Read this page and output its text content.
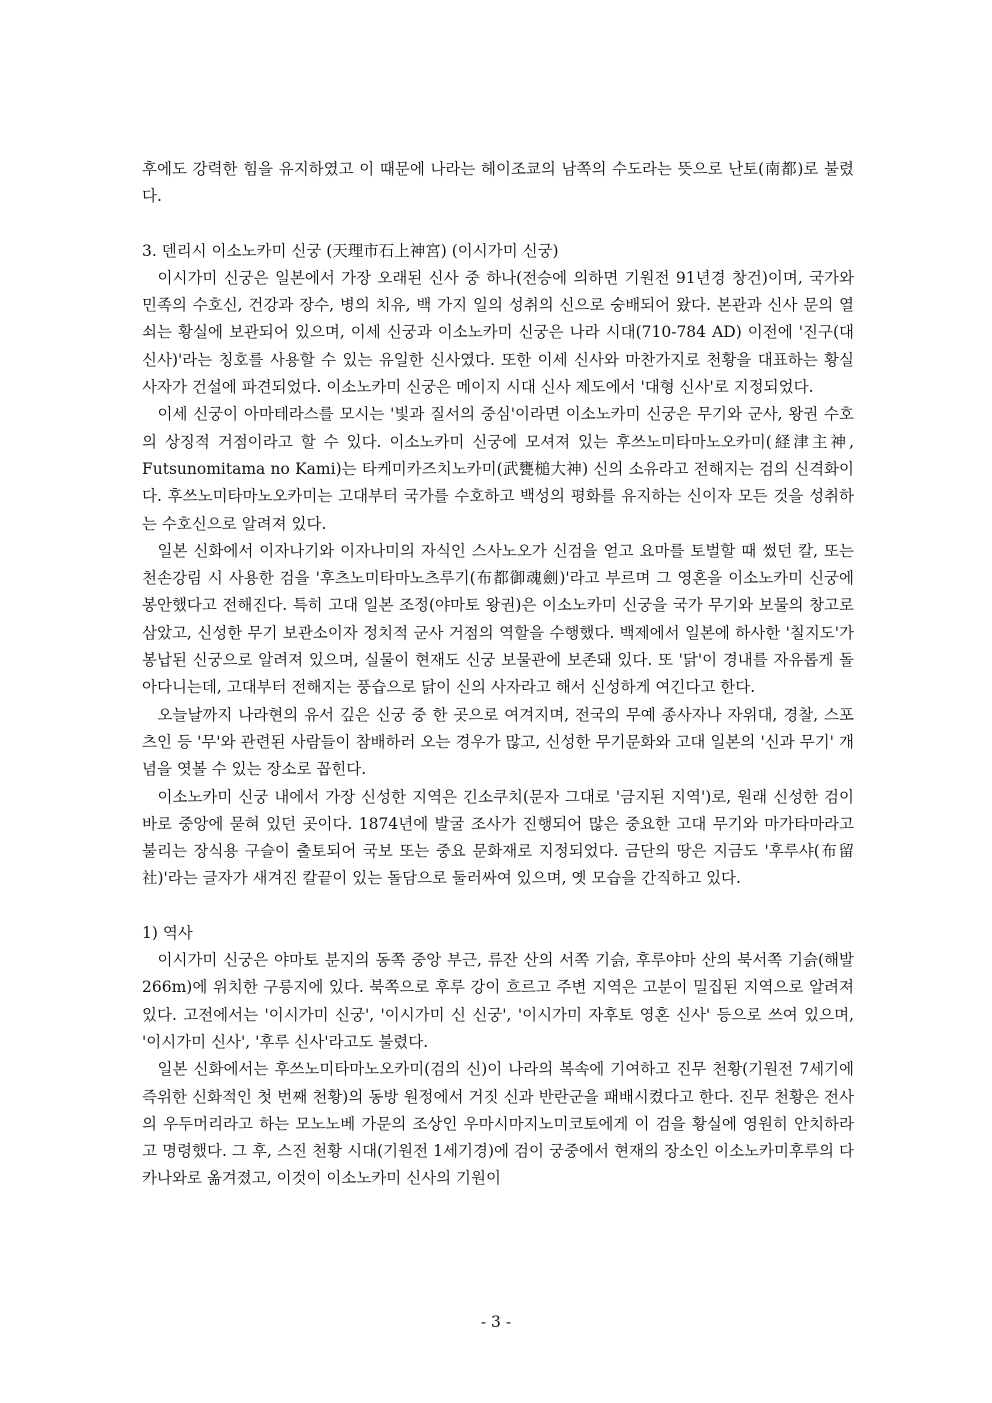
후에도 강력한 힘을 유지하였고 이 때문에 나라는 헤이조쿄의 남쪽의 수도라는 뜻으로 난토(南都)로 불렸다.

3. 덴리시 이소노카미 신궁 (天理市石上神宮) (이시가미 신궁)

이시가미 신궁은 일본에서 가장 오래된 신사 중 하나(전승에 의하면 기원전 91년경 창건)이며, 국가와 민족의 수호신, 건강과 장수, 병의 치유, 백 가지 일의 성취의 신으로 숭배되어 왔다. 본관과 신사 문의 열쇠는 황실에 보관되어 있으며, 이세 신궁과 이소노카미 신궁은 나라 시대(710-784 AD) 이전에 '진구(대신사)'라는 칭호를 사용할 수 있는 유일한 신사였다. 또한 이세 신사와 마찬가지로 천황을 대표하는 황실 사자가 건설에 파견되었다. 이소노카미 신궁은 메이지 시대 신사 제도에서 '대형 신사'로 지정되었다.

이세 신궁이 아마테라스를 모시는 '빛과 질서의 중심'이라면 이소노카미 신궁은 무기와 군사, 왕권 수호의 상징적 거점이라고 할 수 있다. 이소노카미 신궁에 모셔져 있는 후쓰노미타마노오카미(経津主神, Futsunomitama no Kami)는 타케미카즈치노카미(武甕槌大神) 신의 소유라고 전해지는 검의 신격화이다. 후쓰노미타마노오카미는 고대부터 국가를 수호하고 백성의 평화를 유지하는 신이자 모든 것을 성취하는 수호신으로 알려져 있다.

일본 신화에서 이자나기와 이자나미의 자식인 스사노오가 신검을 얻고 요마를 토벌할 때 썼던 칼, 또는 천손강림 시 사용한 검을 '후츠노미타마노츠루기(布都御魂劍)'라고 부르며 그 영혼을 이소노카미 신궁에 봉안했다고 전해진다. 특히 고대 일본 조정(야마토 왕권)은 이소노카미 신궁을 국가 무기와 보물의 창고로 삼았고, 신성한 무기 보관소이자 정치적 군사 거점의 역할을 수행했다. 백제에서 일본에 하사한 '칠지도'가 봉납된 신궁으로 알려져 있으며, 실물이 현재도 신궁 보물관에 보존돼 있다. 또 '닭'이 경내를 자유롭게 돌아다니는데, 고대부터 전해지는 풍습으로 닭이 신의 사자라고 해서 신성하게 여긴다고 한다.

오늘날까지 나라현의 유서 깊은 신궁 중 한 곳으로 여겨지며, 전국의 무예 종사자나 자위대, 경찰, 스포츠인 등 '무'와 관련된 사람들이 참배하러 오는 경우가 많고, 신성한 무기문화와 고대 일본의 '신과 무기' 개념을 엿볼 수 있는 장소로 꼽힌다.

이소노카미 신궁 내에서 가장 신성한 지역은 긴소쿠치(문자 그대로 '금지된 지역')로, 원래 신성한 검이 바로 중앙에 묻혀 있던 곳이다. 1874년에 발굴 조사가 진행되어 많은 중요한 고대 무기와 마가타마라고 불리는 장식용 구슬이 출토되어 국보 또는 중요 문화재로 지정되었다. 금단의 땅은 지금도 '후루샤(布留社)'라는 글자가 새겨진 칼끝이 있는 돌담으로 둘러싸여 있으며, 옛 모습을 간직하고 있다.

1) 역사

이시가미 신궁은 야마토 분지의 동쪽 중앙 부근, 류잔 산의 서쪽 기슭, 후루야마 산의 북서쪽 기슭(해발 266m)에 위치한 구릉지에 있다. 북쪽으로 후루 강이 흐르고 주변 지역은 고분이 밀집된 지역으로 알려져 있다. 고전에서는 '이시가미 신궁', '이시가미 신 신궁', '이시가미 자후토 영혼 신사' 등으로 쓰여 있으며, '이시가미 신사', '후루 신사'라고도 불렸다.

일본 신화에서는 후쓰노미타마노오카미(검의 신)이 나라의 복속에 기여하고 진무 천황(기원전 7세기에 즉위한 신화적인 첫 번째 천황)의 동방 원정에서 거짓 신과 반란군을 패배시켰다고 한다. 진무 천황은 전사의 우두머리라고 하는 모노노베 가문의 조상인 우마시마지노미코토에게 이 검을 황실에 영원히 안치하라고 명령했다. 그 후, 스진 천황 시대(기원전 1세기경)에 검이 궁중에서 현재의 장소인 이소노카미후루의 다카나와로 옮겨졌고, 이것이 이소노카미 신사의 기원이

- 3 -
